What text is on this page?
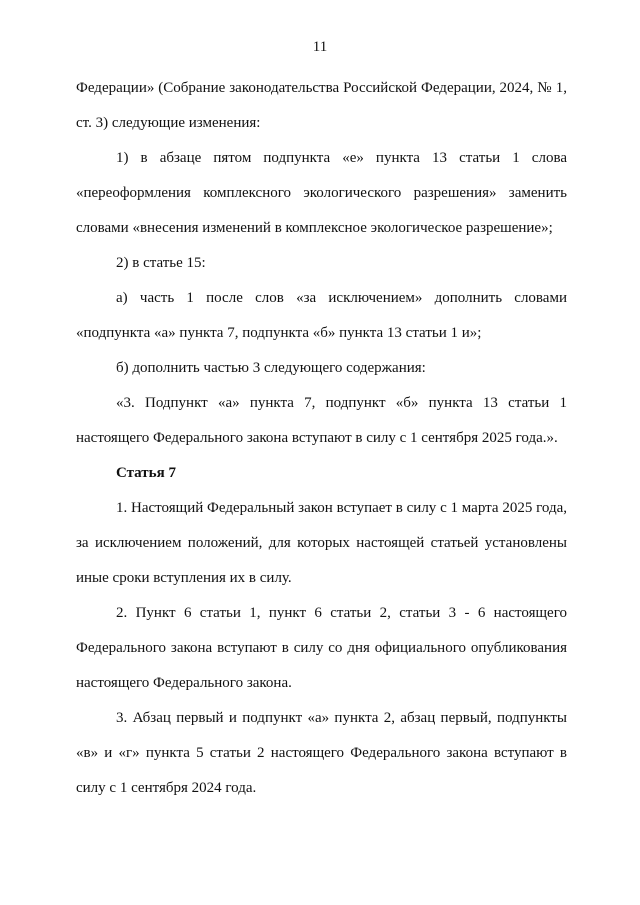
11

Федерации» (Собрание законодательства Российской Федерации, 2024, № 1, ст. 3) следующие изменения:

1) в абзаце пятом подпункта «е» пункта 13 статьи 1 слова «переоформления комплексного экологического разрешения» заменить словами «внесения изменений в комплексное экологическое разрешение»;

2) в статье 15:

а) часть 1 после слов «за исключением» дополнить словами «подпункта «а» пункта 7, подпункта «б» пункта 13 статьи 1 и»;

б) дополнить частью 3 следующего содержания:

«3. Подпункт «а» пункта 7, подпункт «б» пункта 13 статьи 1 настоящего Федерального закона вступают в силу с 1 сентября 2025 года.».

Статья 7

1. Настоящий Федеральный закон вступает в силу с 1 марта 2025 года, за исключением положений, для которых настоящей статьей установлены иные сроки вступления их в силу.

2. Пункт 6 статьи 1, пункт 6 статьи 2, статьи 3 - 6 настоящего Федерального закона вступают в силу со дня официального опубликования настоящего Федерального закона.

3. Абзац первый и подпункт «а» пункта 2, абзац первый, подпункты «в» и «г» пункта 5 статьи 2 настоящего Федерального закона вступают в силу с 1 сентября 2024 года.
